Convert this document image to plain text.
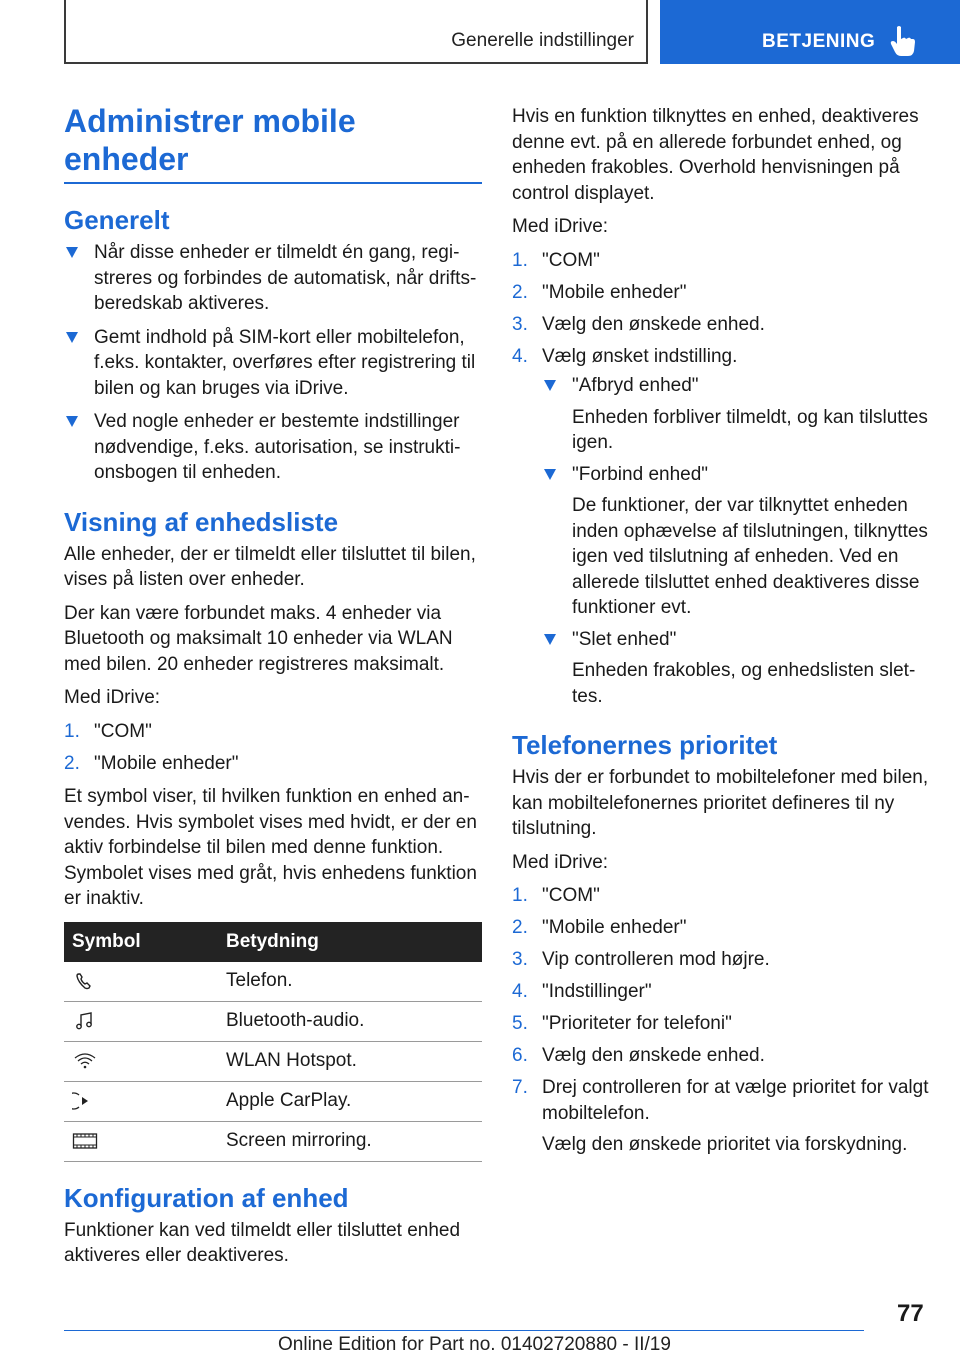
Generelle indstillinger	BETJENING
Administrer mobile enheder
Generelt
Når disse enheder er tilmeldt én gang, registreres og forbindes de automatisk, når driftsberedskab aktiveres.
Gemt indhold på SIM-kort eller mobiltelefon, f.eks. kontakter, overføres efter registrering til bilen og kan bruges via iDrive.
Ved nogle enheder er bestemte indstillinger nødvendige, f.eks. autorisation, se instruktionsbogen til enheden.
Visning af enhedsliste

Alle enheder, der er tilmeldt eller tilsluttet til bilen, vises på listen over enheder.

Der kan være forbundet maks. 4 enheder via Bluetooth og maksimalt 10 enheder via WLAN med bilen. 20 enheder registreres maksimalt.

Med iDrive:

1. "COM"
2. "Mobile enheder"

Et symbol viser, til hvilken funktion en enhed anvendes. Hvis symbolet vises med hvidt, er der en aktiv forbindelse til bilen med denne funktion. Symbolet vises med gråt, hvis enhedens funktion er inaktiv.

Symbol	Betydning

	Telefon.

	Bluetooth-audio.

	WLAN Hotspot.

	Apple CarPlay.

	Screen mirroring.
Konfiguration af enhed

Funktioner kan ved tilmeldt eller tilsluttet enhed aktiveres eller deaktiveres.

Hvis en funktion tilknyttes en enhed, deaktiveres denne evt. på en allerede forbundet enhed, og enheden frakobles. Overhold henvisningen på control displayet.

Med iDrive:

1. "COM"
2. "Mobile enheder"
3. Vælg den ønskede enhed.
4. Vælg ønsket indstilling.
"Afbryd enhed"
Enheden forbliver tilmeldt, og kan tilsluttes igen.
"Forbind enhed"
De funktioner, der var tilknyttet enheden inden ophævelse af tilslutningen, tilknyttes igen ved tilslutning af enheden. Ved en allerede tilsluttet enhed deaktiveres disse funktioner evt.
"Slet enhed"
Enheden frakobles, og enhedslisten slettes.
Telefonernes prioritet

Hvis der er forbundet to mobiltelefoner med bilen, kan mobiltelefonernes prioritet defineres til ny tilslutning.

Med iDrive:

1. "COM"
2. "Mobile enheder"
3. Vip controlleren mod højre.
4. "Indstillinger"
5. "Prioriteter for telefoni"
6. Vælg den ønskede enhed.
7. Drej controlleren for at vælge prioritet for valgt mobiltelefon.
Vælg den ønskede prioritet via forskydning.
77
Online Edition for Part no. 01402720880 - II/19
